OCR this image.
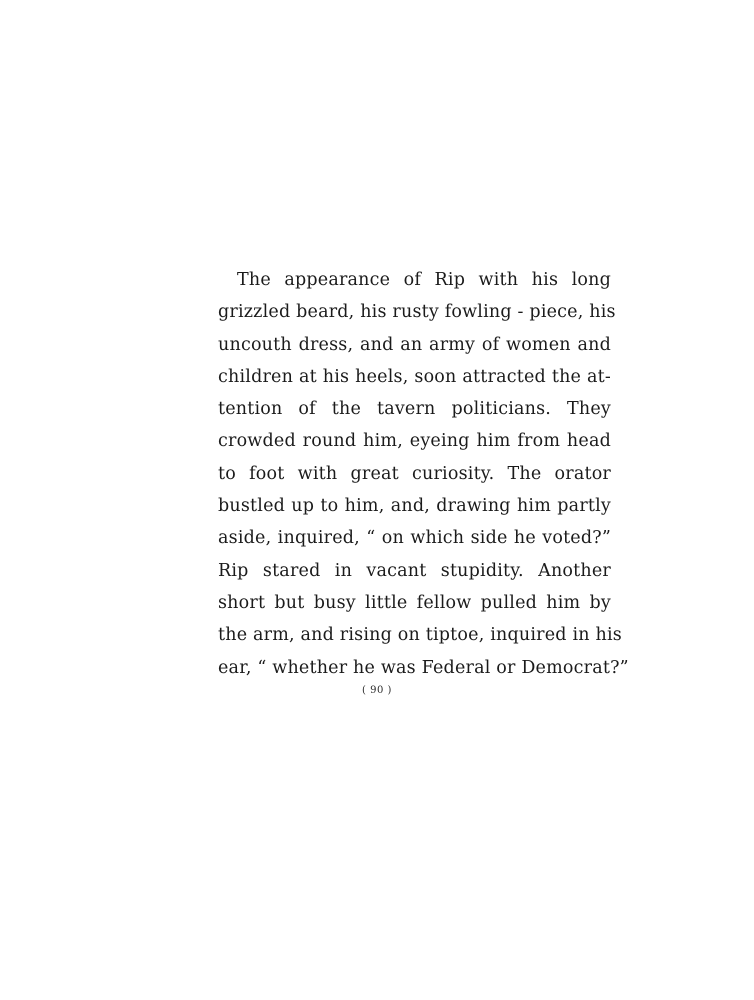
The appearance of Rip with his long
grizzled beard, his rusty fowling - piece, his
uncouth dress, and an army of women and
children at his heels, soon attracted the at-
tention of the tavern politicians. They
crowded round him, eyeing him from head
to foot with great curiosity. The orator
bustled up to him, and, drawing him partly
aside, inquired, “ on which side he voted?”
Rip stared in vacant stupidity. Another
short but busy little fellow pulled him by
the arm, and rising on tiptoe, inquired in his
ear, “ whether he was Federal or Democrat?”
( 90 )
